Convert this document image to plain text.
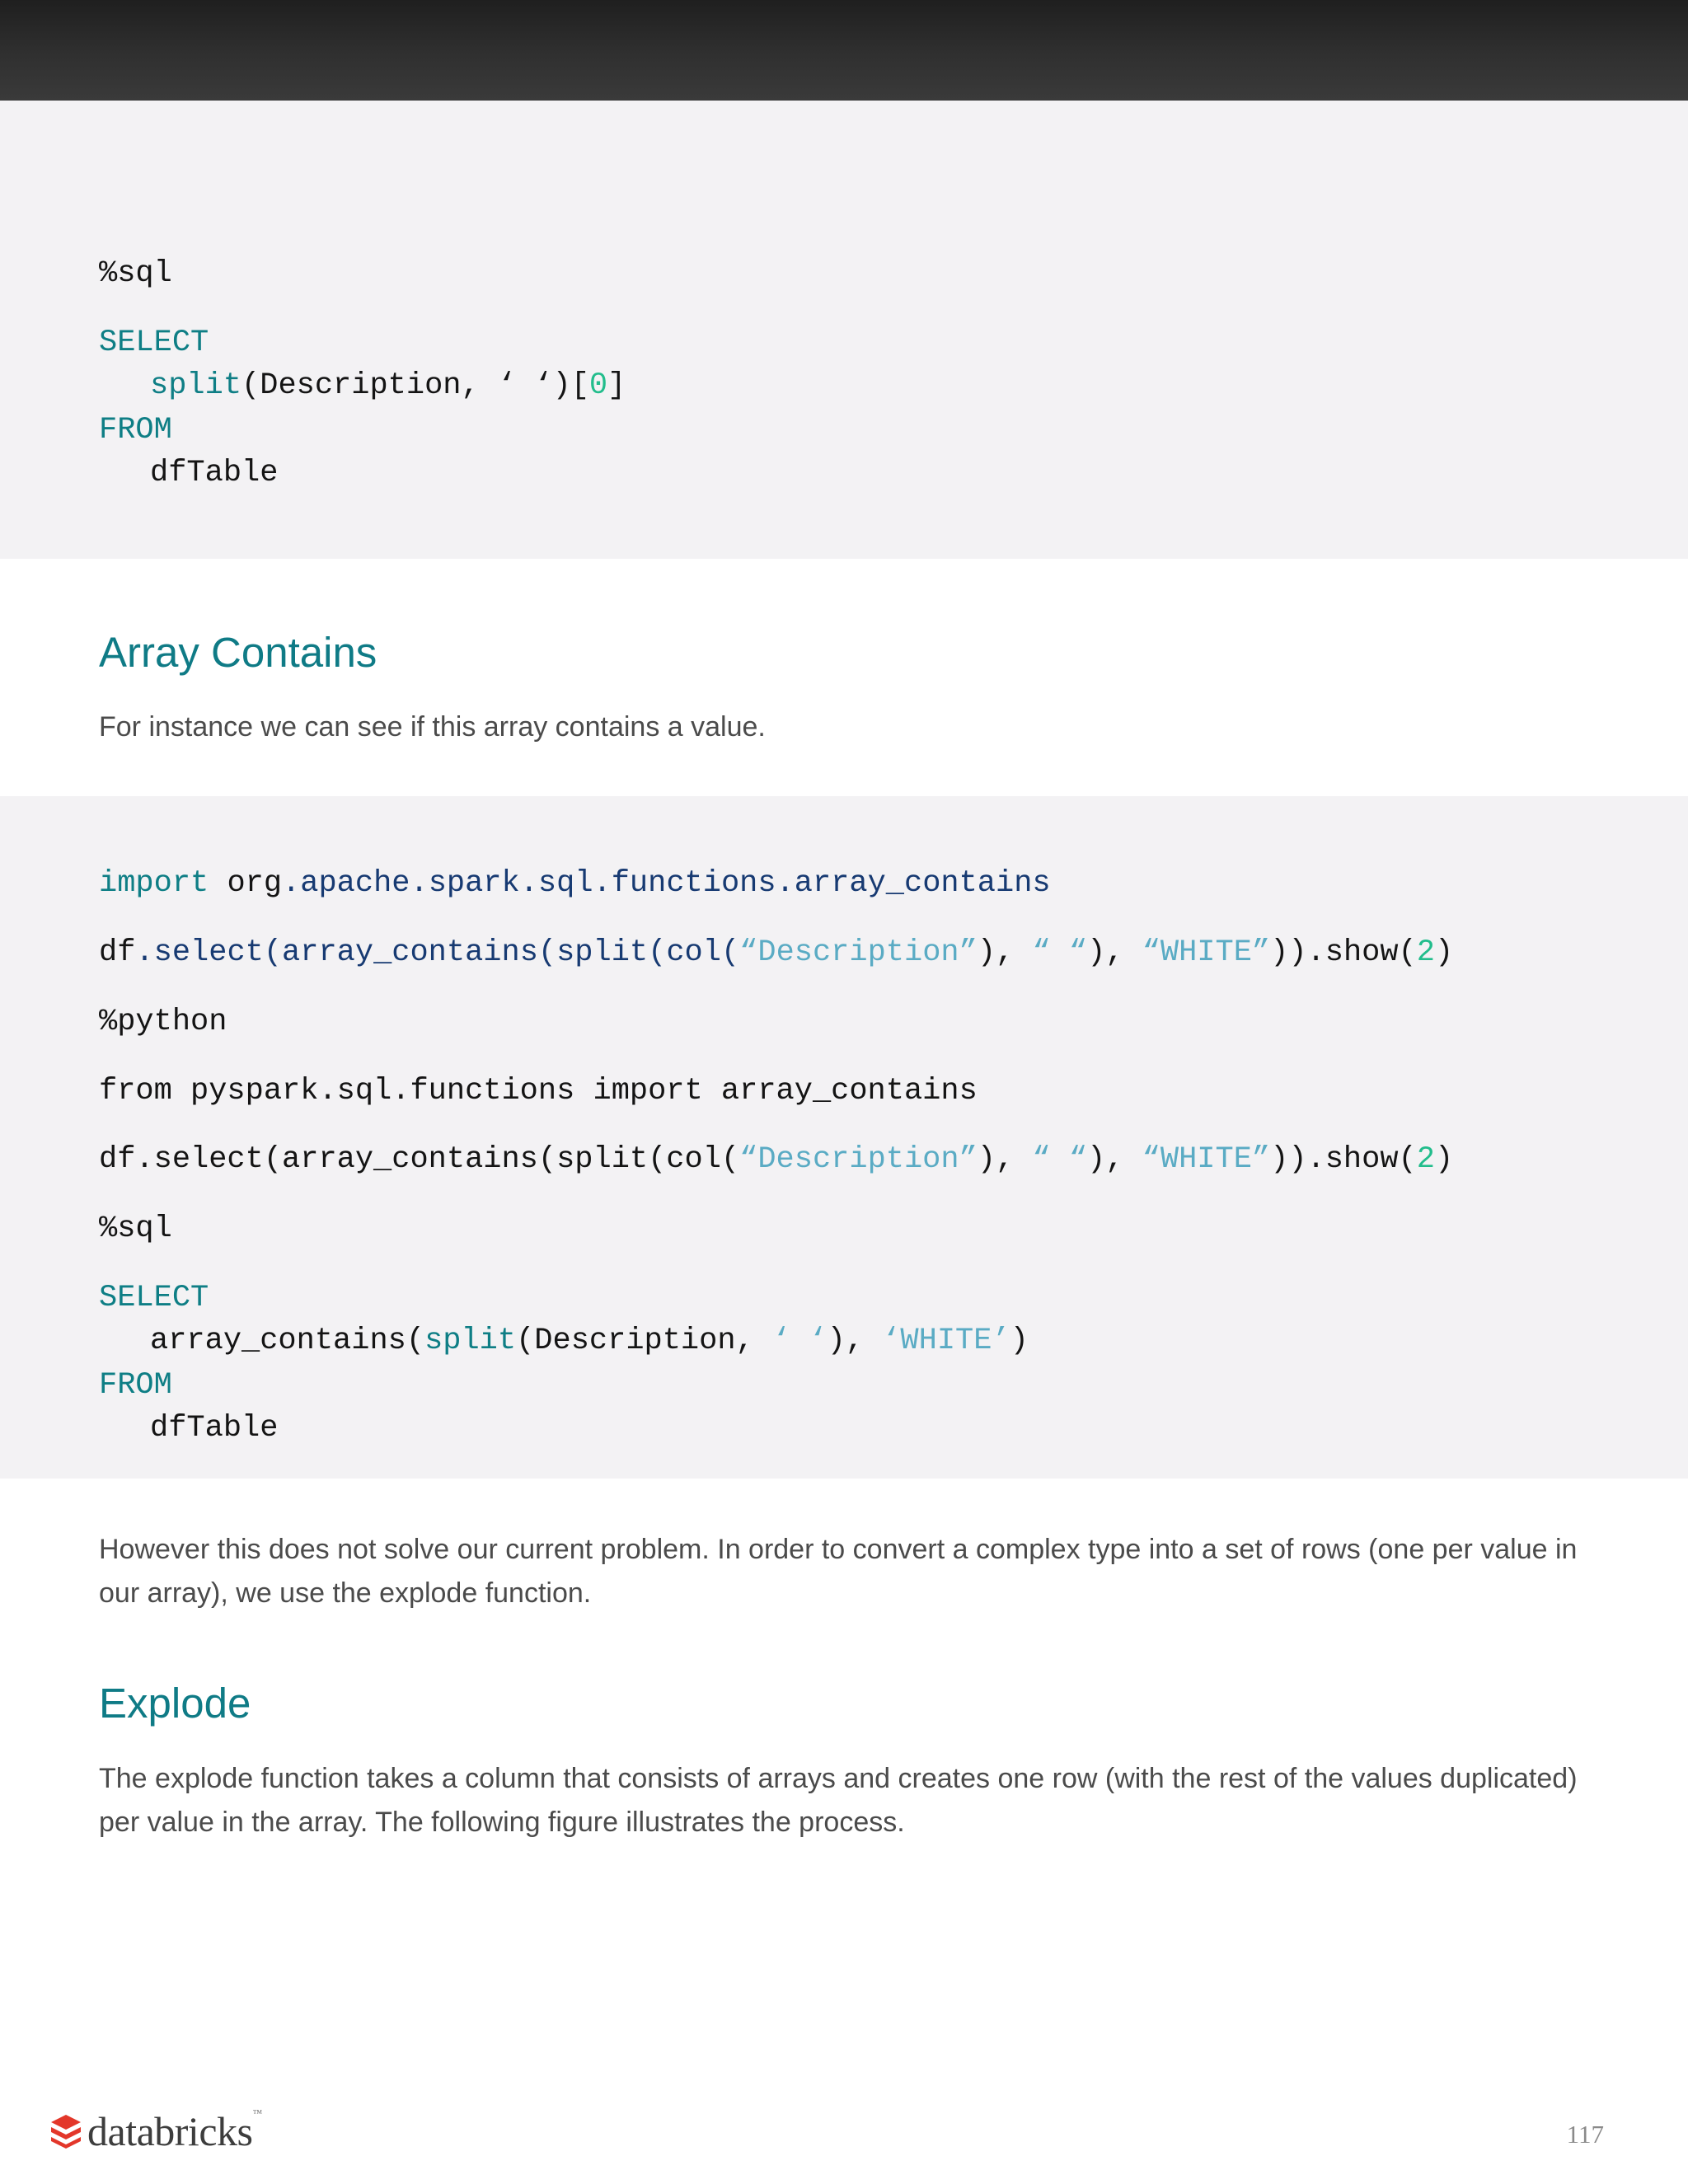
%sql
SELECT
split(Description, ‘ ‘)[0]
FROM
dfTable
Array Contains

For instance we can see if this array contains a value.

import org.apache.spark.sql.functions.array_contains
df.select(array_contains(split(col(“Description”), “ “), “WHITE”)).show(2)
%python
from pyspark.sql.functions import array_contains
df.select(array_contains(split(col(“Description”), “ “), “WHITE”)).show(2)
%sql
SELECT
array_contains(split(Description, ‘ ‘), ‘WHITE’)
FROM
dfTable

However this does not solve our current problem. In order to convert a complex type into a set of rows (one per value in our array), we use the explode function.

Explode

The explode function takes a column that consists of arrays and creates one row (with the rest of the values duplicated) per value in the array. The following figure illustrates the process.

databricks™
117
